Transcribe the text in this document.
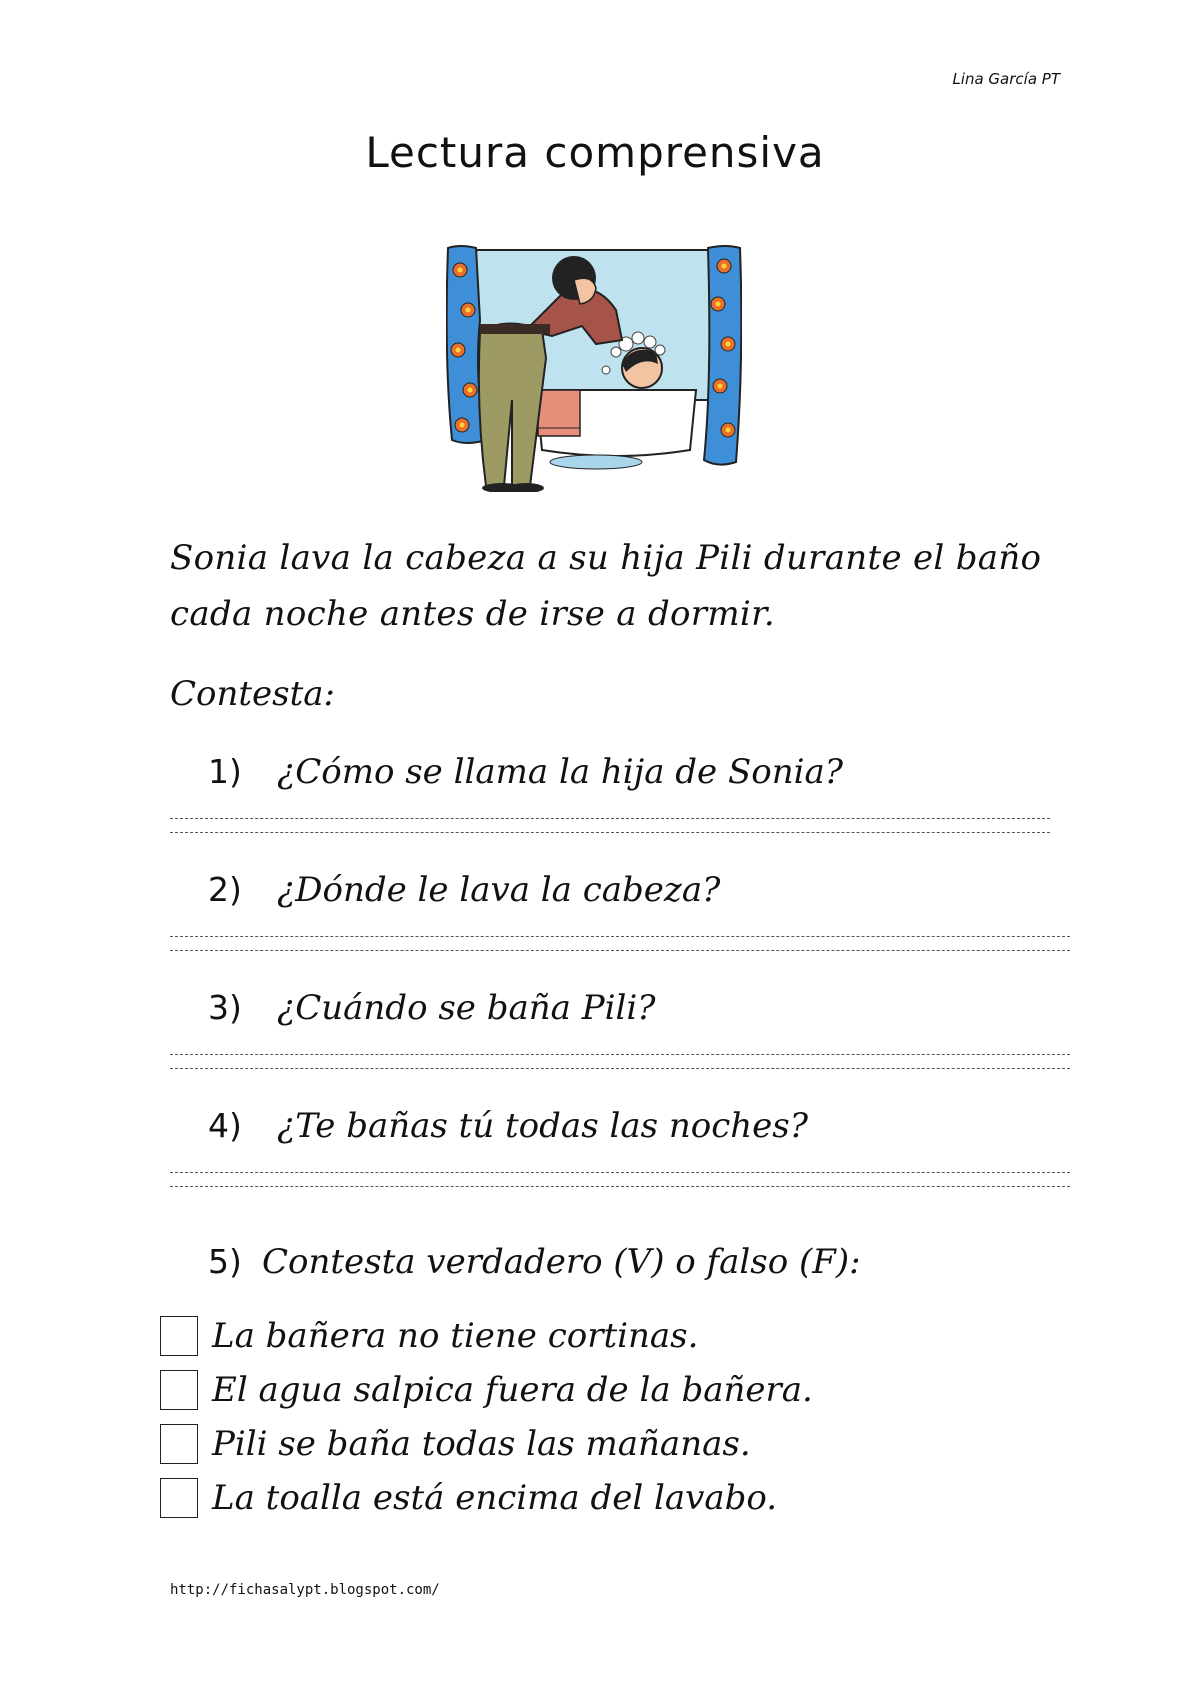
Lina García PT
Lectura comprensiva
Sonia lava la cabeza a su hija Pili durante el baño
cada noche antes de irse a dormir.
Contesta:
1) ¿Cómo se llama la hija de Sonia?
2) ¿Dónde le lava la cabeza?
3) ¿Cuándo se baña Pili?
4) ¿Te bañas tú todas las noches?
5) Contesta verdadero (V) o falso (F):
La bañera no tiene cortinas.
El agua salpica fuera de la bañera.
Pili se baña todas las mañanas.
La toalla está encima del lavabo.
http://fichasalypt.blogspot.com/
